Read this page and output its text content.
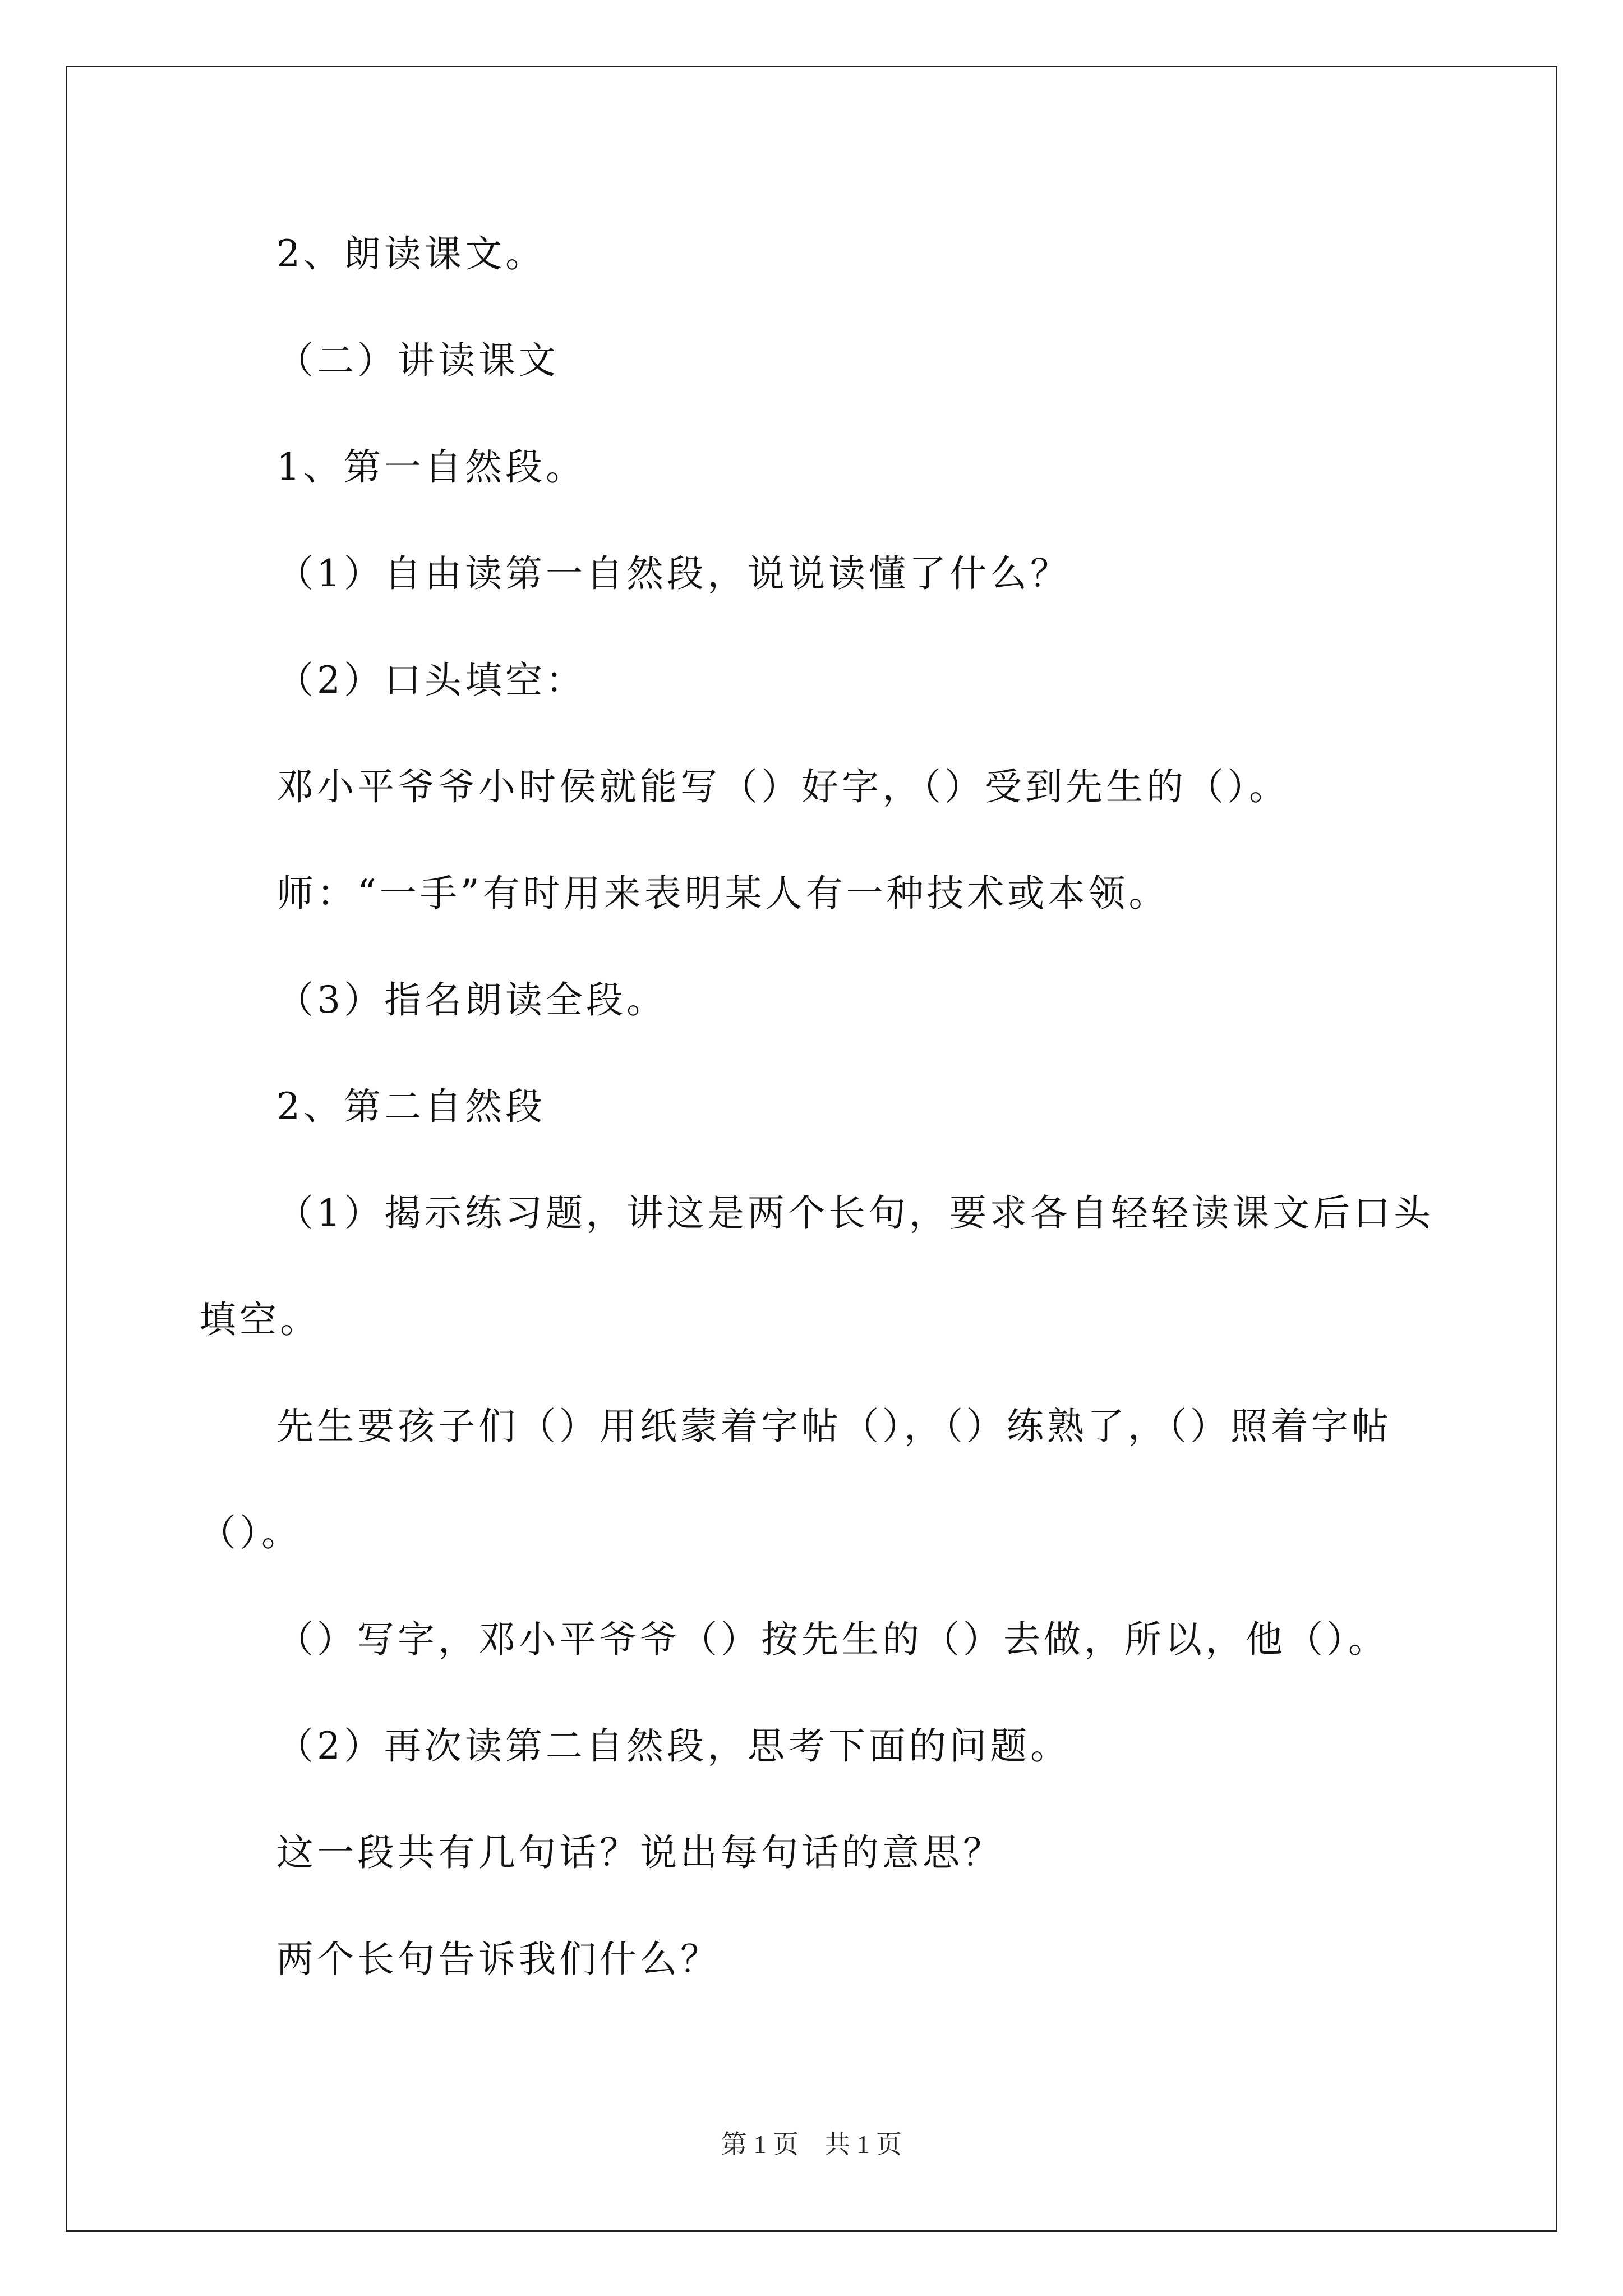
2、朗读课文。
（二）讲读课文
1、第一自然段。
（1）自由读第一自然段，说说读懂了什么？
（2）口头填空：
邓小平爷爷小时侯就能写（）好字，（）受到先生的（）。
师：“一手”有时用来表明某人有一种技术或本领。
（3）指名朗读全段。
2、第二自然段
（1）揭示练习题，讲这是两个长句，要求各自轻轻读课文后口头
填空。
先生要孩子们（）用纸蒙着字帖（），（）练熟了，（）照着字帖
（）。
（）写字，邓小平爷爷（）按先生的（）去做，所以，他（）。
（2）再次读第二自然段，思考下面的问题。
这一段共有几句话？说出每句话的意思？
两个长句告诉我们什么？
第 1 页　共 1 页
